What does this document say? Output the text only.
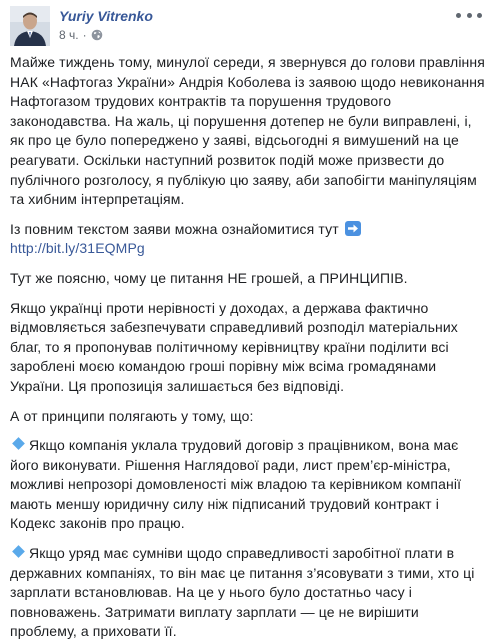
Yuriy Vitrenko
8 ч. ·

Майже тиждень тому, минулої середи, я звернувся до голови правління НАК «Нафтогаз України» Андрія Коболева із заявою щодо невиконання Нафтогазом трудових контрактів та порушення трудового законодавства. На жаль, ці порушення дотепер не були виправлені, і, як про це було попереджено у заяві, відсьогодні я вимушений на це реагувати. Оскільки наступний розвиток подій може призвести до публічного розголосу, я публікую цю заяву, аби запобігти маніпуляціям та хибним інтерпретаціям.

Із повним текстом заяви можна ознайомитися тут

http://bit.ly/31EQMPg

Тут же поясню, чому це питання НЕ грошей, а ПРИНЦИПІВ.

Якщо українці проти нерівності у доходах, а держава фактично відмовляється забезпечувати справедливий розподіл матеріальних благ, то я пропонував політичному керівництву країни поділити всі зароблені моєю командою гроші порівну між всіма громадянами України. Ця пропозиція залишається без відповіді.

А от принципи полягають у тому, що:

Якщо компанія уклала трудовий договір з працівником, вона має його виконувати. Рішення Наглядової ради, лист прем’єр-міністра, можливі непрозорі домовленості між владою та керівником компанії мають меншу юридичну силу ніж підписаний трудовий контракт і Кодекс законів про працю.

Якщо уряд має сумніви щодо справедливості заробітної плати в державних компаніях, то він має це питання з’ясовувати з тими, хто ці зарплати встановлював. На це у нього було достатньо часу і повноважень. Затримати виплату зарплати — це не вирішити проблему, а приховати її.
